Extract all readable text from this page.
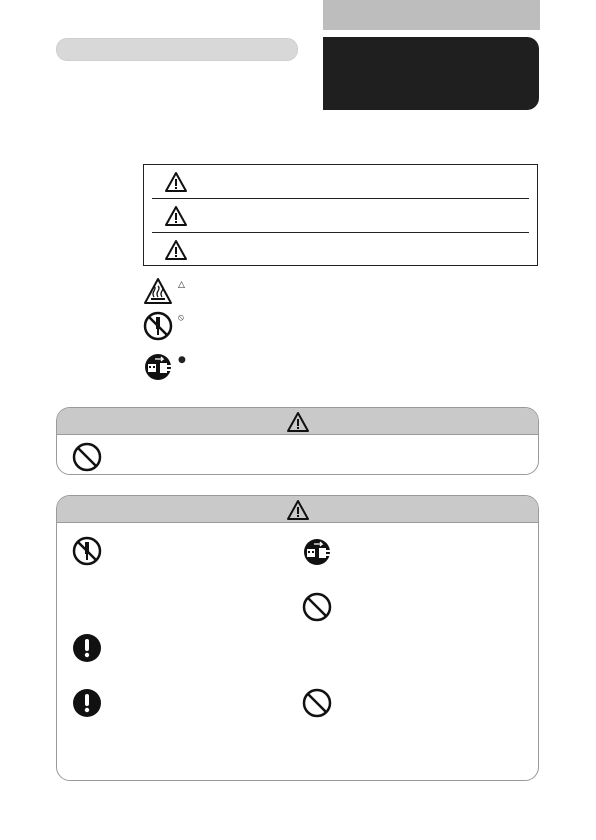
△
⦸
●
